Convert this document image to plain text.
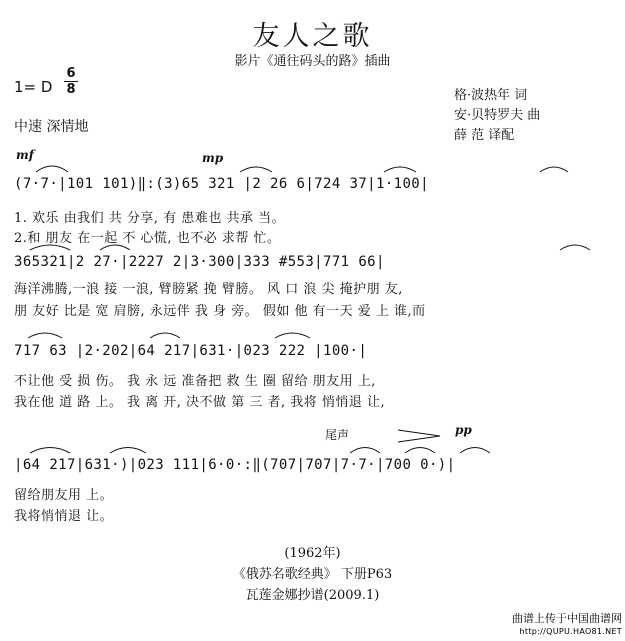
友人之歌
影片《通往码头的路》插曲
1= D
6
8
中速 深情地
格·波热年 词
安·贝特罗夫 曲
薛 范 译配
mf	mp
(7·7·|101 101)‖:(3)65 321 |2 26 6|724 37|1·100|
1. 欢乐 由我们 共 分享, 有 患难也 共承 当。
2.和 朋友 在一起 不 心慌, 也不必 求帮 忙。
365321|2 27·|2227 2|3·300|333 #553|771 66|
海洋沸腾,一浪 接 一浪, 臂膀紧 挽 臂膀。 风 口 浪 尖 掩护朋 友,
朋 友好 比是 宽 肩膀, 永远伴 我 身 旁。 假如 他 有一天 爱 上 谁,而
717 63 |2·202|64 217|631·|023 222 |100·|
不让他 受 损 伤。 我 永 远 准备把 救 生 圈 留给 朋友用 上,
我在他 道 路 上。 我 离 开, 决不做 第 三 者, 我将 悄悄退 让,
尾声	pp
|64 217|631·)|023 111|6·0·:‖(707|707|7·7·|700 0·)|
留给朋友用 上。
我将悄悄退 让。
(1962年)
《俄苏名歌经典》 下册P63
瓦莲金娜抄谱(2009.1)
曲谱上传于中国曲谱网
http://QUPU.HAO81.NET
